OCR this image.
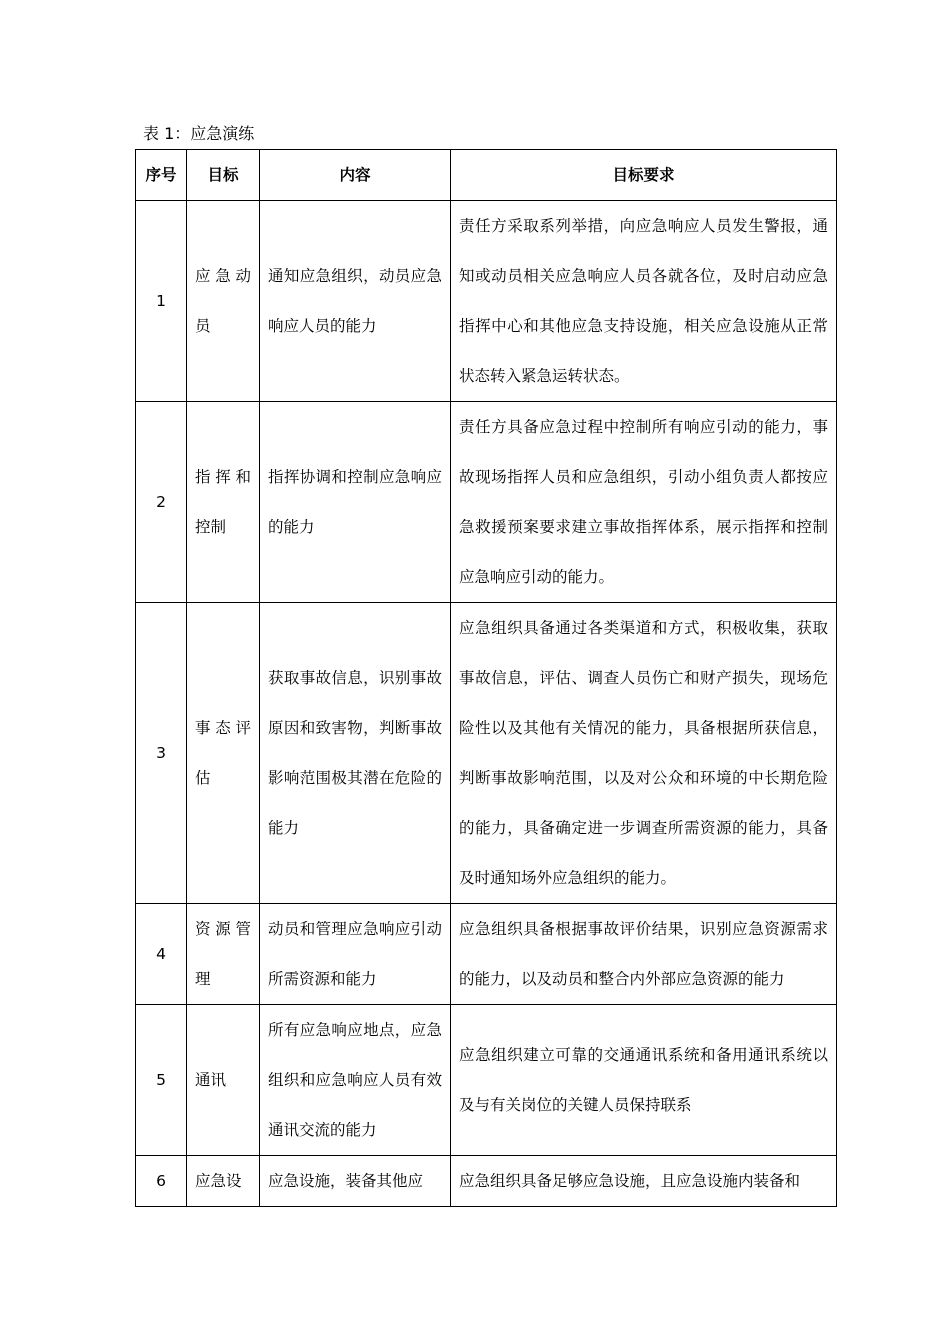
表 1：应急演练
序号	目标	内容	目标要求
1	应急动员	通知应急组织，动员应急响应人员的能力	责任方采取系列举措，向应急响应人员发生警报，通知或动员相关应急响应人员各就各位，及时启动应急指挥中心和其他应急支持设施，相关应急设施从正常状态转入紧急运转状态。
2	指挥和控制	指挥协调和控制应急响应的能力	责任方具备应急过程中控制所有响应引动的能力，事故现场指挥人员和应急组织，引动小组负责人都按应急救援预案要求建立事故指挥体系，展示指挥和控制应急响应引动的能力。
3	事态评估	获取事故信息，识别事故原因和致害物，判断事故影响范围极其潜在危险的能力	应急组织具备通过各类渠道和方式，积极收集，获取事故信息，评估、调查人员伤亡和财产损失，现场危险性以及其他有关情况的能力，具备根据所获信息，判断事故影响范围，以及对公众和环境的中长期危险的能力，具备确定进一步调查所需资源的能力，具备及时通知场外应急组织的能力。
4	资源管理	动员和管理应急响应引动所需资源和能力	应急组织具备根据事故评价结果，识别应急资源需求的能力，以及动员和整合内外部应急资源的能力
5	通讯	所有应急响应地点，应急组织和应急响应人员有效通讯交流的能力	应急组织建立可靠的交通通讯系统和备用通讯系统以及与有关岗位的关键人员保持联系
6	应急设	应急设施，装备其他应	应急组织具备足够应急设施，且应急设施内装备和
